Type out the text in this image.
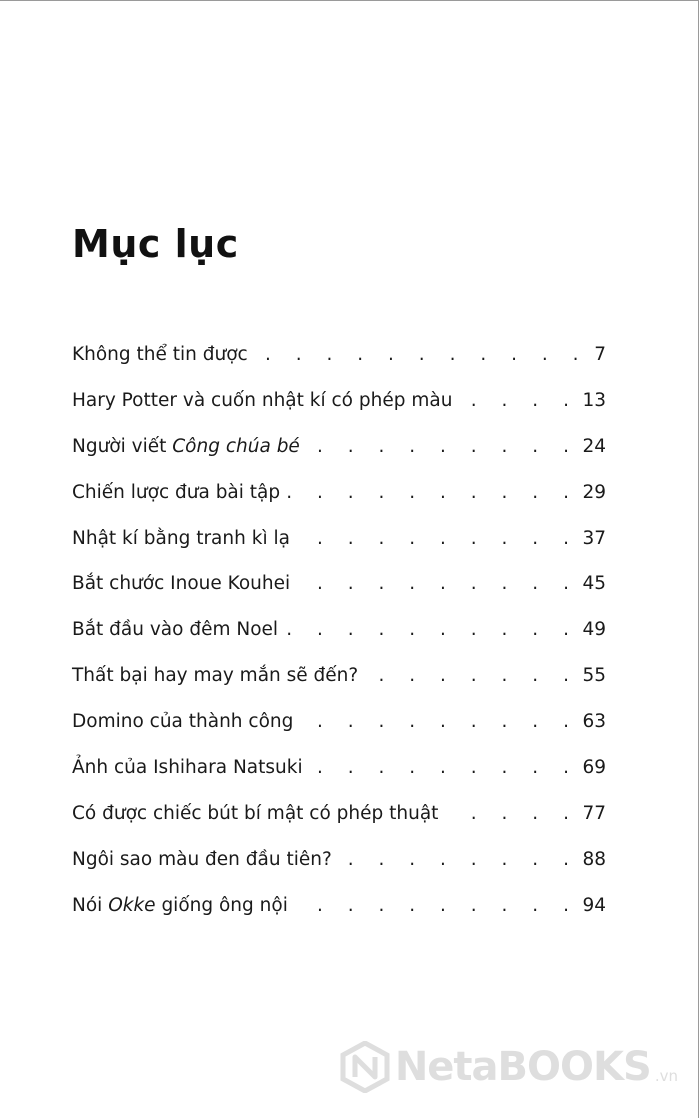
Mục lục
Không thể tin được . . .	7
Hary Potter và cuốn nhật kí có phép màu . . .	13
Người viết Công chúa bé . . .	24
Chiến lược đưa bài tập . . .	29
Nhật kí bằng tranh kì lạ . . .	37
Bắt chước Inoue Kouhei . . .	45
Bắt đầu vào đêm Noel . . .	49
Thất bại hay may mắn sẽ đến? . . .	55
Domino của thành công . . .	63
Ảnh của Ishihara Natsuki . . .	69
Có được chiếc bút bí mật có phép thuật . . .	77
Ngôi sao màu đen đầu tiên? . . .	88
Nói Okke giống ông nội . . .	94
NetaBOOKS .vn
